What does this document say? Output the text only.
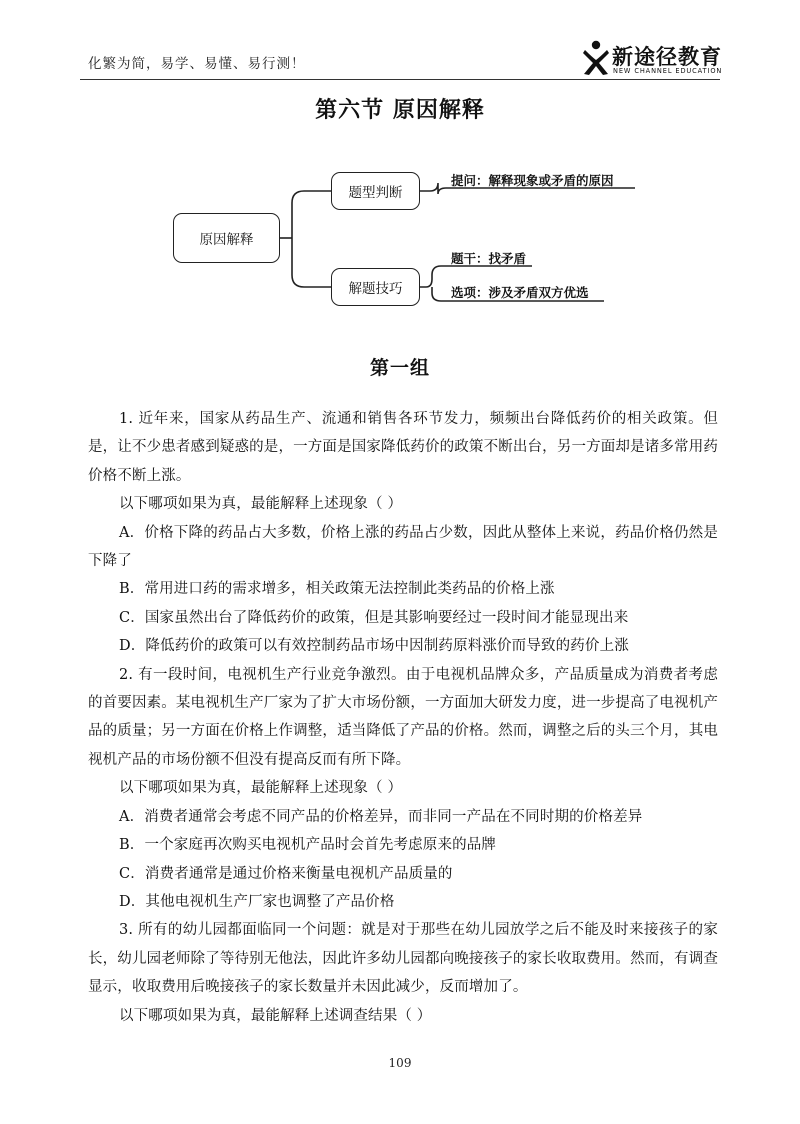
化繁为简，易学、易懂、易行测！	新途径教育
NEW CHANNEL EDUCATION
第六节 原因解释
原因解释
题型判断
解题技巧
提问：解释现象或矛盾的原因
题干：找矛盾
选项：涉及矛盾双方优选
第一组

1. 近年来，国家从药品生产、流通和销售各环节发力，频频出台降低药价的相关政策。但是，让不少患者感到疑惑的是，一方面是国家降低药价的政策不断出台，另一方面却是诸多常用药价格不断上涨。

以下哪项如果为真，最能解释上述现象（ ）

A．价格下降的药品占大多数，价格上涨的药品占少数，因此从整体上来说，药品价格仍然是下降了

B．常用进口药的需求增多，相关政策无法控制此类药品的价格上涨

C．国家虽然出台了降低药价的政策，但是其影响要经过一段时间才能显现出来

D．降低药价的政策可以有效控制药品市场中因制药原料涨价而导致的药价上涨

2. 有一段时间，电视机生产行业竞争激烈。由于电视机品牌众多，产品质量成为消费者考虑的首要因素。某电视机生产厂家为了扩大市场份额，一方面加大研发力度，进一步提高了电视机产品的质量；另一方面在价格上作调整，适当降低了产品的价格。然而，调整之后的头三个月，其电视机产品的市场份额不但没有提高反而有所下降。

以下哪项如果为真，最能解释上述现象（ ）

A．消费者通常会考虑不同产品的价格差异，而非同一产品在不同时期的价格差异

B．一个家庭再次购买电视机产品时会首先考虑原来的品牌

C．消费者通常是通过价格来衡量电视机产品质量的

D．其他电视机生产厂家也调整了产品价格

3. 所有的幼儿园都面临同一个问题：就是对于那些在幼儿园放学之后不能及时来接孩子的家长，幼儿园老师除了等待别无他法，因此许多幼儿园都向晚接孩子的家长收取费用。然而，有调查显示，收取费用后晚接孩子的家长数量并未因此减少，反而增加了。

以下哪项如果为真，最能解释上述调查结果（ ）

109
